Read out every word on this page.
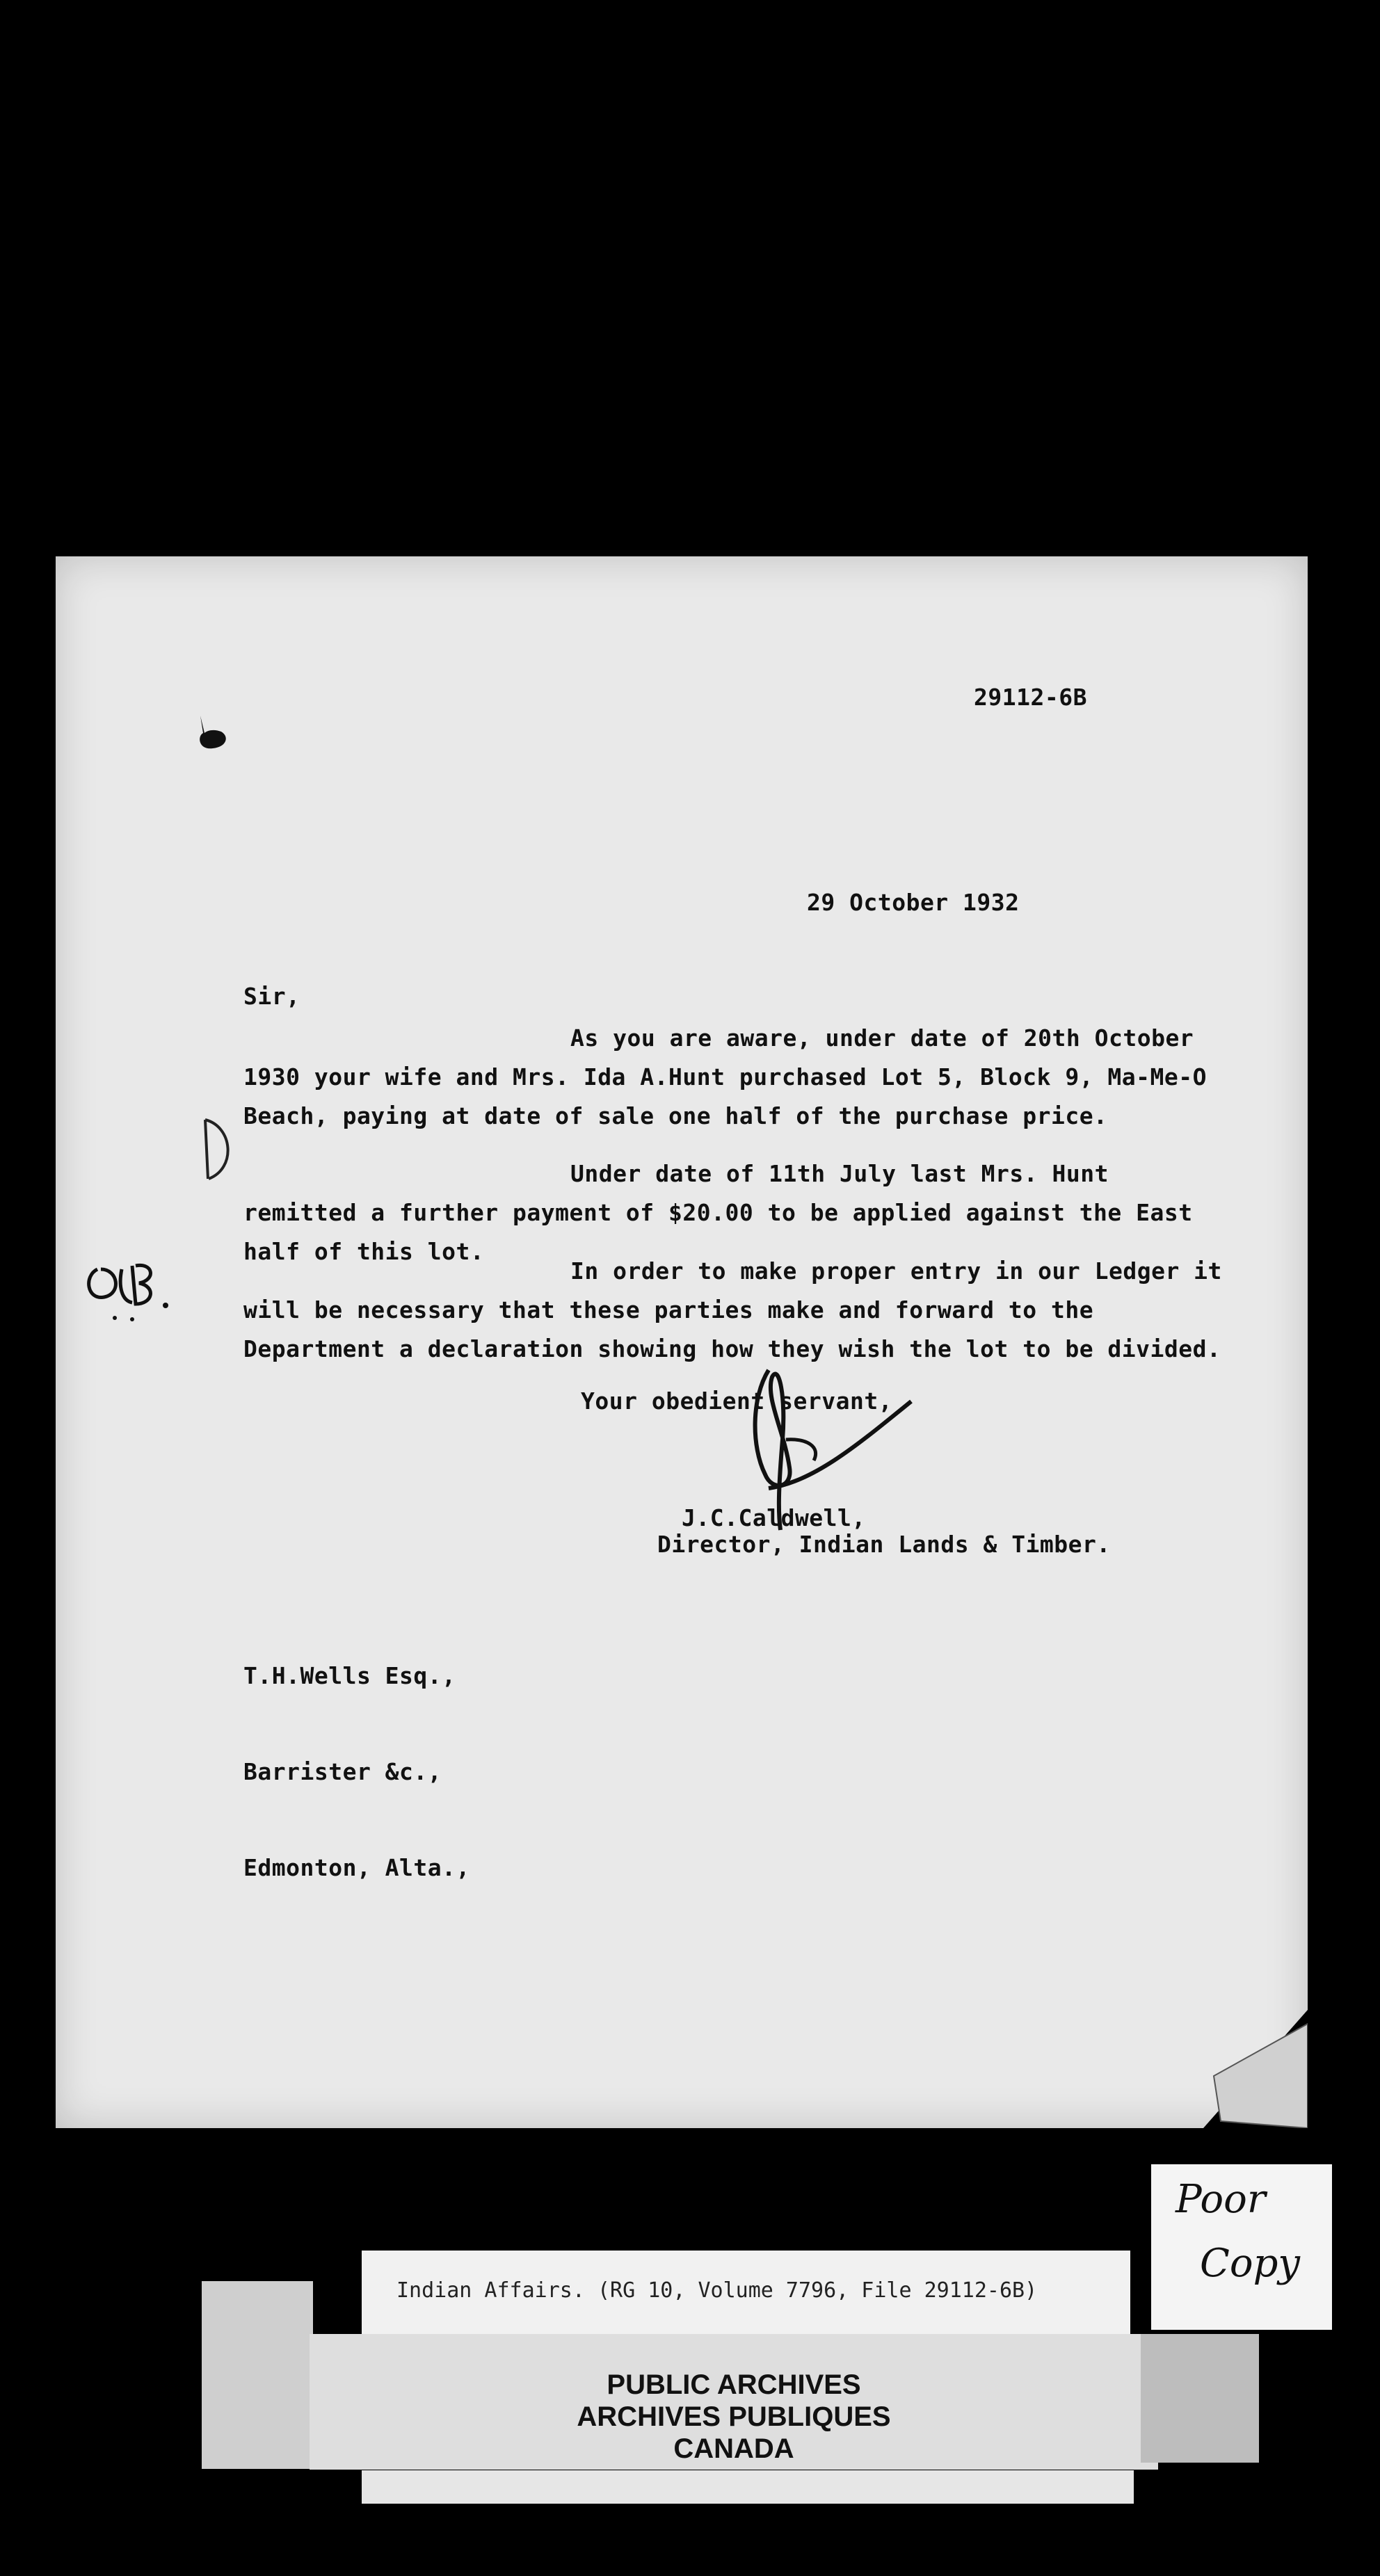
29112-6B
29 October 1932
Sir,
As you are aware, under date of 20th October 1930 your wife and Mrs. Ida A.Hunt purchased Lot 5, Block 9, Ma-Me-O Beach, paying at date of sale one half of the purchase price.
Under date of 11th July last Mrs. Hunt remitted a further payment of $20.00 to be applied against the East half of this lot.
In order to make proper entry in our Ledger it will be necessary that these parties make and forward to the Department a declaration showing how they wish the lot to be divided.
Your obedient servant,
J.C.Caldwell,
Director, Indian Lands & Timber.

T.H.Wells Esq.,

Barrister &c.,

Edmonton, Alta.,

Indian Affairs. (RG 10, Volume 7796, File 29112-6B)
PUBLIC ARCHIVES
ARCHIVES PUBLIQUES
CANADA
Poor
Copy
